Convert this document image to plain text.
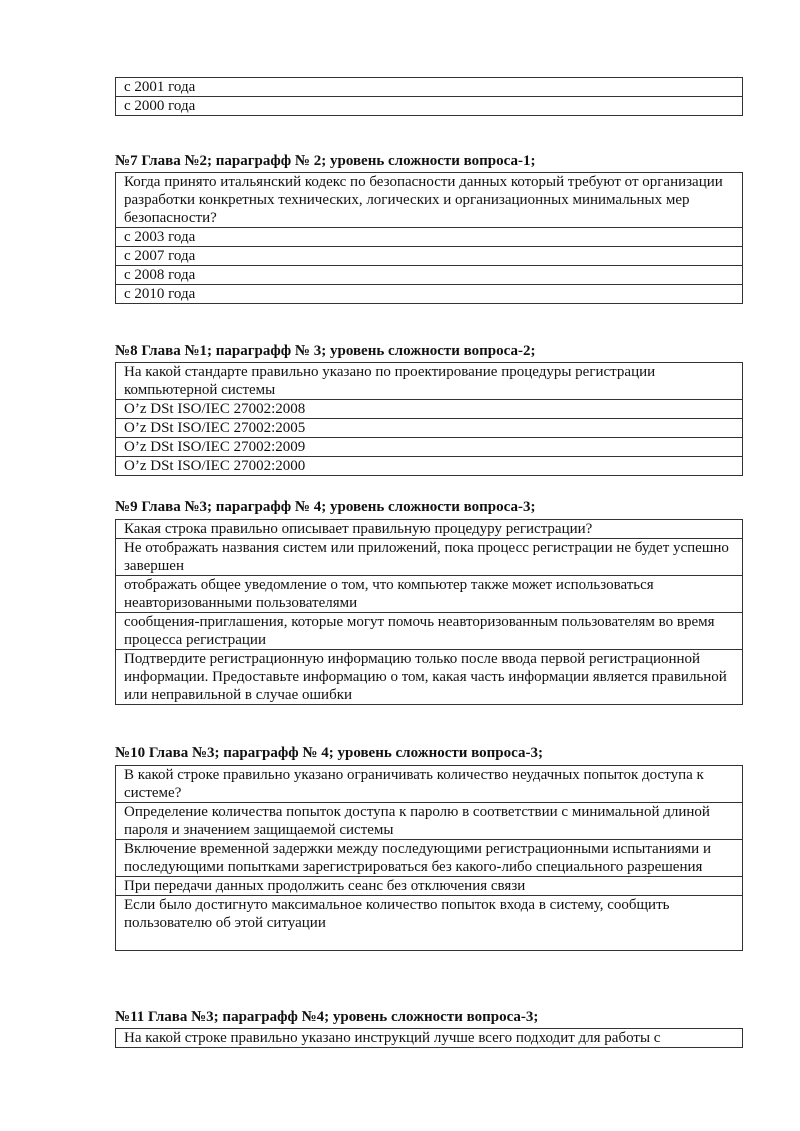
с 2001 года
с 2000 года
№7 Глава №2; параграфф № 2; уровень сложности вопроса-1;
Когда принято итальянский кодекс по безопасности данных который требуют от организации разработки конкретных технических, логических и организационных минимальных мер безопасности?
с 2003 года
с 2007 года
с 2008 года
с 2010 года
№8 Глава №1; параграфф № 3; уровень сложности вопроса-2;
На какой стандарте правильно указано по проектирование процедуры регистрации компьютерной системы
O’z DSt ISO/IEC 27002:2008
O’z DSt ISO/IEC 27002:2005
O’z DSt ISO/IEC 27002:2009
O’z DSt ISO/IEC 27002:2000
№9 Глава №3; параграфф № 4; уровень сложности вопроса-3;
Какая строка правильно описывает правильную процедуру регистрации?
Не отображать названия систем или приложений, пока процесс регистрации не будет успешно завершен
отображать общее уведомление о том, что компьютер также может использоваться неавторизованными пользователями
сообщения-приглашения, которые могут помочь неавторизованным пользователям во время процесса регистрации
Подтвердите регистрационную информацию только после ввода первой регистрационной информации. Предоставьте информацию о том, какая часть информации является правильной или неправильной в случае ошибки
№10 Глава №3; параграфф № 4; уровень сложности вопроса-3;
В какой строке правильно указано ограничивать количество неудачных попыток доступа к системе?
Определение количества попыток доступа к паролю в соответствии с минимальной длиной пароля и значением защищаемой системы
Включение временной задержки между последующими регистрационными испытаниями и последующими попытками зарегистрироваться без какого-либо специального разрешения
При передачи данных продолжить сеанс без отключения связи
Если было достигнуто максимальное количество попыток входа в систему, сообщить пользователю об этой ситуации
№11 Глава №3; параграфф №4; уровень сложности вопроса-3;
На какой строке правильно указано инструкций лучше всего подходит для работы с
